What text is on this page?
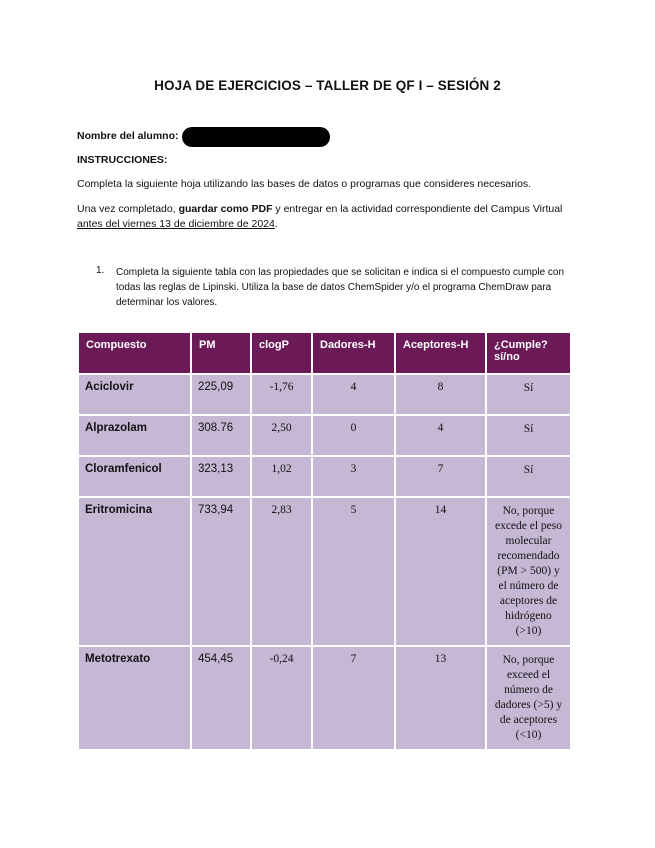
HOJA DE EJERCICIOS – TALLER DE QF I – SESIÓN 2
Nombre del alumno:
INSTRUCCIONES:
Completa la siguiente hoja utilizando las bases de datos o programas que consideres necesarios.
Una vez completado, guardar como PDF y entregar en la actividad correspondiente del Campus Virtual antes del viernes 13 de diciembre de 2024.
1. Completa la siguiente tabla con las propiedades que se solicitan e indica si el compuesto cumple con todas las reglas de Lipinski. Utiliza la base de datos ChemSpider y/o el programa ChemDraw para determinar los valores.
Compuesto	PM	clogP	Dadores-H	Aceptores-H	¿Cumple? sí/no
Aciclovir	225,09	-1,76	4	8	Sí
Alprazolam	308.76	2,50	0	4	Sí
Cloramfenicol	323,13	1,02	3	7	Sí
Eritromicina	733,94	2,83	5	14	No, porque excede el peso molecular recomendado (PM > 500) y el número de aceptores de hidrógeno (>10)
Metotrexato	454,45	-0,24	7	13	No, porque exceed el número de dadores (>5) y de aceptores (<10)
